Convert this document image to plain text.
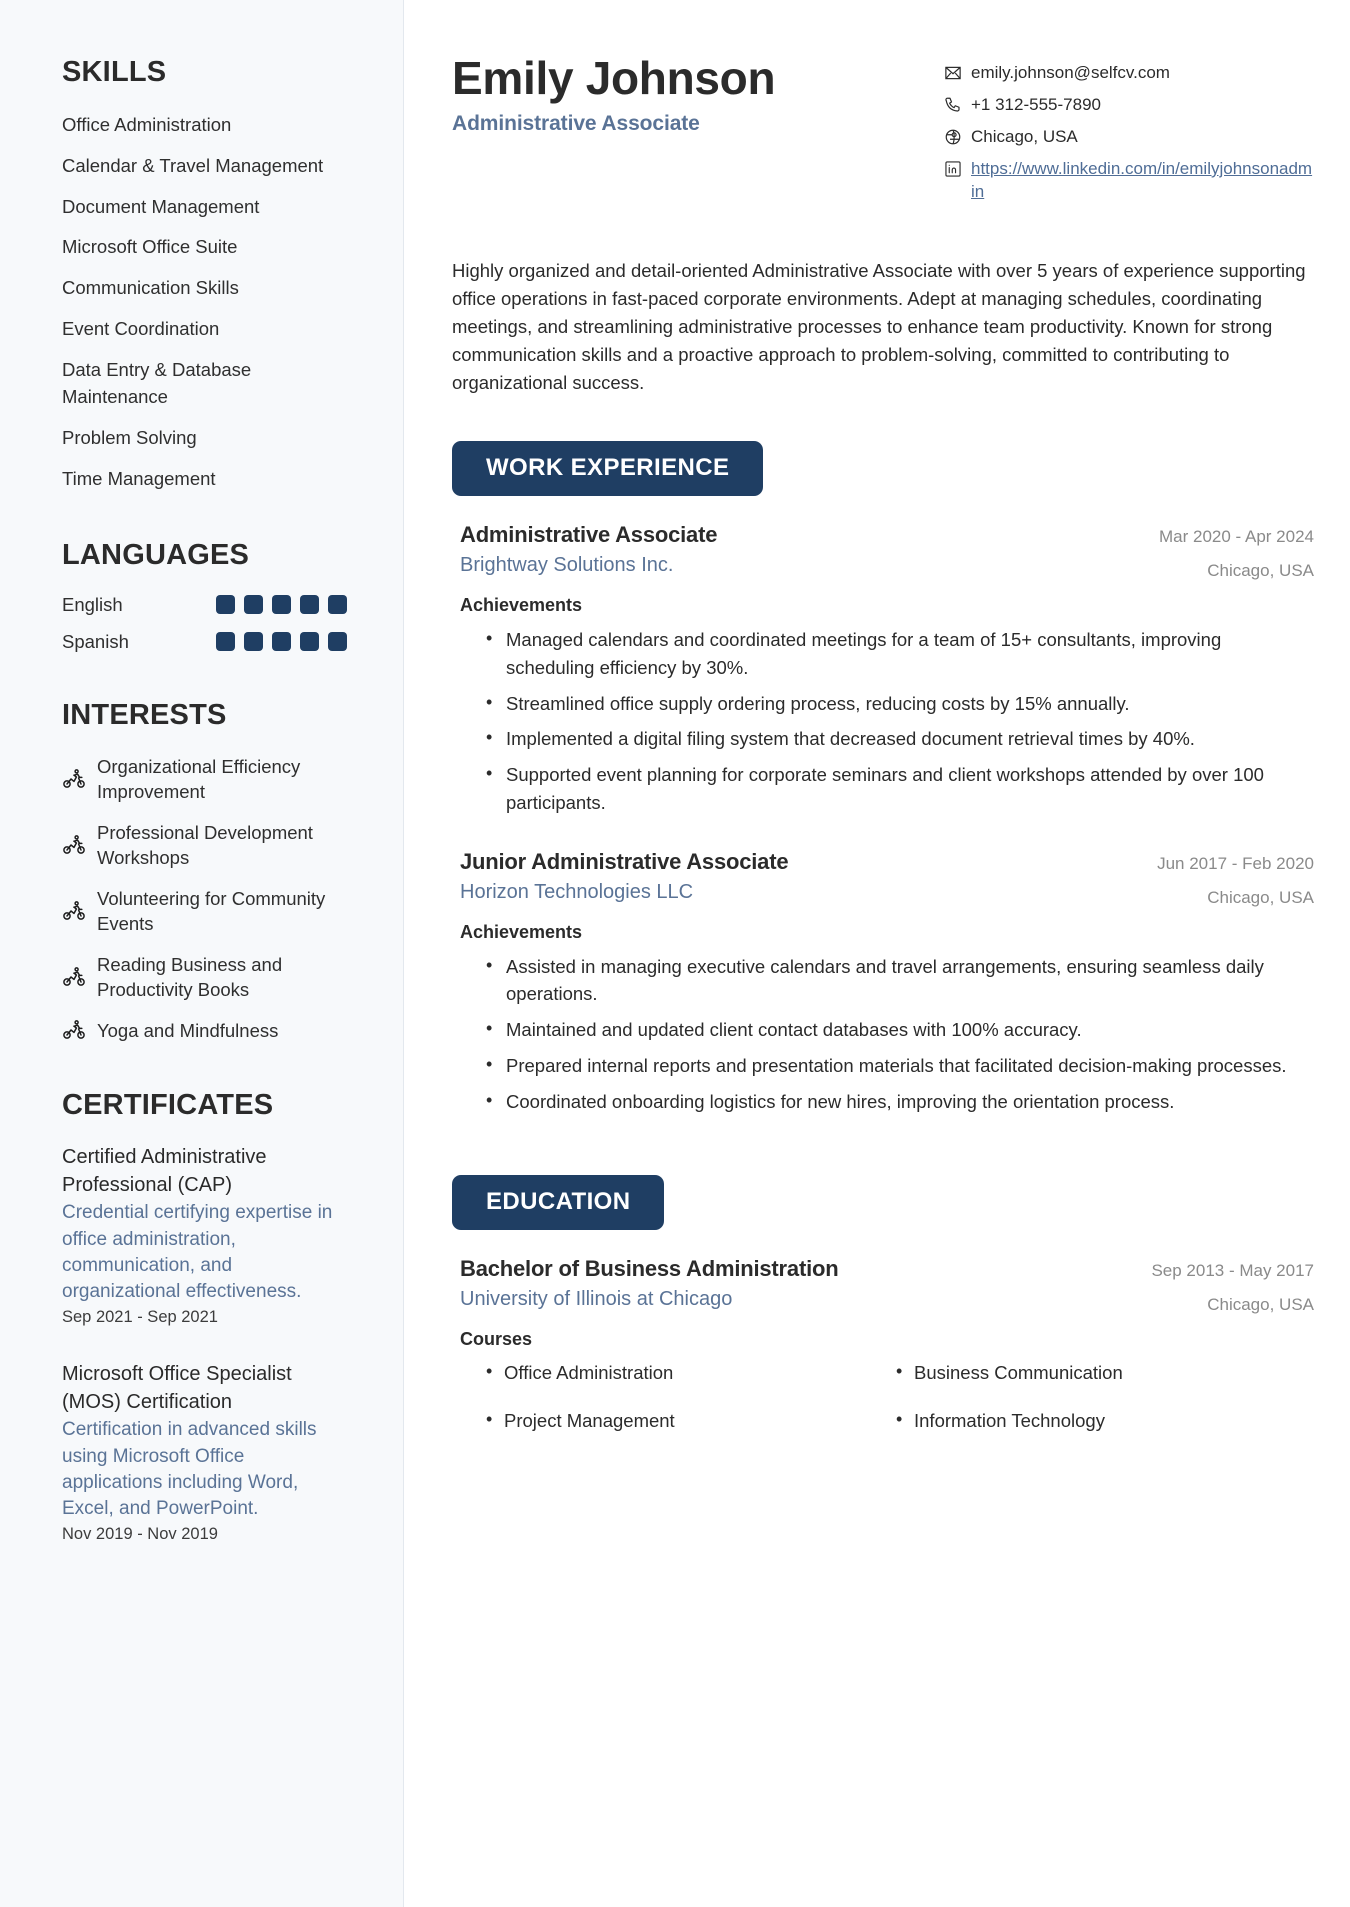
SKILLS
Office Administration
Calendar & Travel Management
Document Management
Microsoft Office Suite
Communication Skills
Event Coordination
Data Entry & Database Maintenance
Problem Solving
Time Management
LANGUAGES
English
Spanish
INTERESTS
Organizational Efficiency Improvement
Professional Development Workshops
Volunteering for Community Events
Reading Business and Productivity Books
Yoga and Mindfulness
CERTIFICATES
Certified Administrative Professional (CAP)
Credential certifying expertise in office administration, communication, and organizational effectiveness.
Sep 2021 - Sep 2021
Microsoft Office Specialist (MOS) Certification
Certification in advanced skills using Microsoft Office applications including Word, Excel, and PowerPoint.
Nov 2019 - Nov 2019
Emily Johnson
Administrative Associate
emily.johnson@selfcv.com
+1 312-555-7890
Chicago, USA
https://www.linkedin.com/in/emilyjohnsonadmin

Highly organized and detail-oriented Administrative Associate with over 5 years of experience supporting office operations in fast-paced corporate environments. Adept at managing schedules, coordinating meetings, and streamlining administrative processes to enhance team productivity. Known for strong communication skills and a proactive approach to problem-solving, committed to contributing to organizational success.

WORK EXPERIENCE
Administrative Associate
Brightway Solutions Inc.
Mar 2020 - Apr 2024
Chicago, USA
Achievements
• Managed calendars and coordinated meetings for a team of 15+ consultants, improving scheduling efficiency by 30%.
• Streamlined office supply ordering process, reducing costs by 15% annually.
• Implemented a digital filing system that decreased document retrieval times by 40%.
• Supported event planning for corporate seminars and client workshops attended by over 100 participants.
Junior Administrative Associate
Horizon Technologies LLC
Jun 2017 - Feb 2020
Chicago, USA
Achievements
• Assisted in managing executive calendars and travel arrangements, ensuring seamless daily operations.
• Maintained and updated client contact databases with 100% accuracy.
• Prepared internal reports and presentation materials that facilitated decision-making processes.
• Coordinated onboarding logistics for new hires, improving the orientation process.
EDUCATION
Bachelor of Business Administration
University of Illinois at Chicago
Sep 2013 - May 2017
Chicago, USA
Courses
• Office Administration	• Business Communication
• Project Management	• Information Technology
